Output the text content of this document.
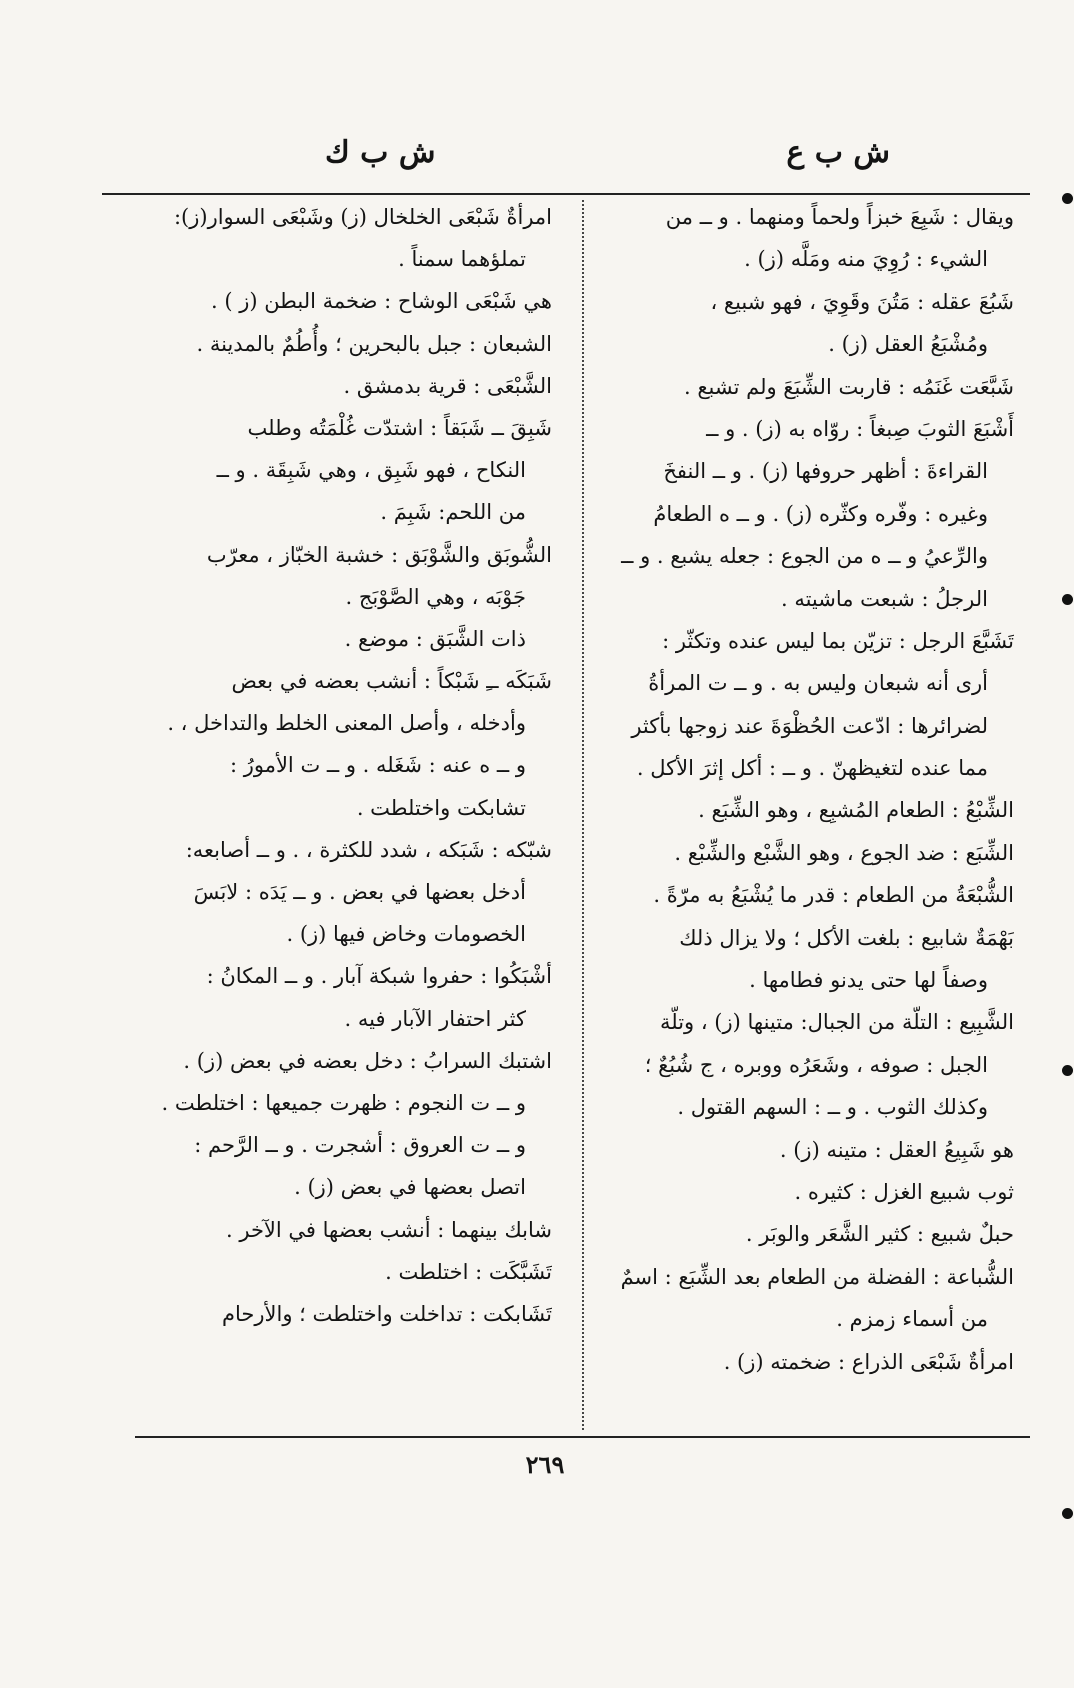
ش ب ع
ش ب ك
ويقال : شَبِعَ خبزاً ولحماً ومنهما . و ــ من
الشيء : رُوِيَ منه ومَلَّه (ز) .
شَبُعَ عقله : مَتُنَ وقَوِيَ ، فهو شبيع ،
ومُشْبَعُ العقل (ز) .
شَبَّعَت غَنَمُه : قاربت الشِّبَعَ ولم تشبع .
أَشْبَعَ الثوبَ صِبغاً : روّاه به (ز) . و ــ
القراءةَ : أظهر حروفها (ز) . و ــ النفخَ
وغيره : وفّره وكثّره (ز) . و ــ ه الطعامُ
والرِّعيُ و ــ ه من الجوع : جعله يشبع . و ــ
الرجلُ : شبعت ماشيته .
تَشَبَّعَ الرجل : تزيّن بما ليس عنده وتكثّر :
أرى أنه شبعان وليس به . و ــ ت المرأةُ
لضرائرها : ادّعت الحُظْوَةَ عند زوجها بأكثر
مما عنده لتغيظهنّ . و ــ : أكل إثرَ الأكل .
الشِّبْعُ : الطعام المُشبِع ، وهو الشِّبَع .
الشِّبَع : ضد الجوع ، وهو الشَّبْع والشِّبْع .
الشُّبْعَةُ من الطعام : قدر ما يُشْبَعُ به مرّةً .
بَهْمَةٌ شابيع : بلغت الأكل ؛ ولا يزال ذلك
وصفاً لها حتى يدنو فطامها .
الشَّبِيع : التلّة من الجبال: متينها (ز) ، وتلّة
الجبل : صوفه ، وشَعَرُه ووبره ، ج شُبُعٌ ؛
وكذلك الثوب . و ــ : السهم القتول .
هو شَبِيعُ العقل : متينه (ز) .
ثوب شبيع الغزل : كثيره .
حبلٌ شبيع : كثير الشَّعَر والوبَر .
الشُّباعة : الفضلة من الطعام بعد الشِّبَع : اسمٌ
من أسماء زمزم .
امرأةٌ شَبْعَى الذراع : ضخمته (ز) .
امرأةٌ شَبْعَى الخلخال (ز) وشَبْعَى السوار(ز):
تملؤهما سمناً .
هي شَبْعَى الوشاح : ضخمة البطن (ز ) .
الشبعان : جبل بالبحرين ؛ وأُطُمٌ بالمدينة .
الشَّبْعَى : قرية بدمشق .
شَبِقَ ــ شَبَقاً : اشتدّت غُلْمَتُه وطلب
النكاح ، فهو شَبِق ، وهي شَبِقَة . و ــ
من اللحم: شَبِمَ .
الشُّوبَق والشَّوْبَق : خشبة الخبّاز ، معرّب
جَوْبَه ، وهي الصَّوْبَج .
ذات الشَّبَق : موضع .
شَبَكَه ــِ شَبْكاً : أنشب بعضه في بعض
وأدخله ، وأصل المعنى الخلط والتداخل ، .
و ــ ه عنه : شَغَله . و ــ ت الأمورُ :
تشابكت واختلطت .
شبّكه : شَبَكه ، شدد للكثرة ، . و ــ أصابعه:
أدخل بعضها في بعض . و ــ يَدَه : لابَسَ
الخصومات وخاض فيها (ز) .
أشْبَكُوا : حفروا شبكة آبار . و ــ المكانُ :
كثر احتفار الآبار فيه .
اشتبك السرابُ : دخل بعضه في بعض (ز) .
و ــ ت النجوم : ظهرت جميعها : اختلطت .
و ــ ت العروق : أشجرت . و ــ الرَّحم :
اتصل بعضها في بعض (ز) .
شابك بينهما : أنشب بعضها في الآخر .
تَشَبَّكَت : اختلطت .
تَشَابكت : تداخلت واختلطت ؛ والأرحام
٢٦٩
